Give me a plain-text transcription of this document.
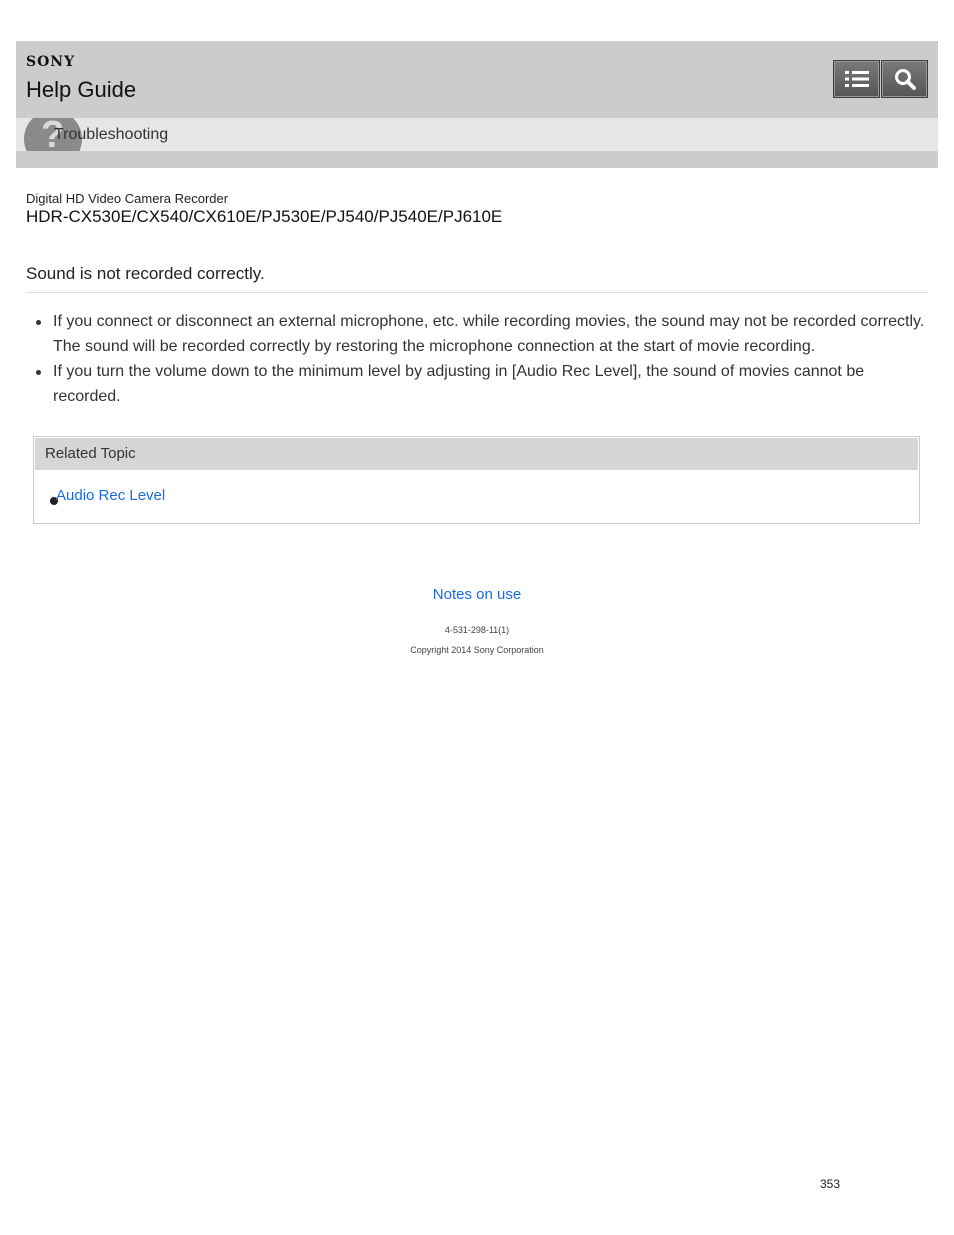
SONY
Help Guide
?
Troubleshooting
Digital HD Video Camera Recorder
HDR-CX530E/CX540/CX610E/PJ530E/PJ540/PJ540E/PJ610E
Sound is not recorded correctly.
If you connect or disconnect an external microphone, etc. while recording movies, the sound may not be recorded correctly. The sound will be recorded correctly by restoring the microphone connection at the start of movie recording.
If you turn the volume down to the minimum level by adjusting in [Audio Rec Level], the sound of movies cannot be recorded.
Related Topic
Audio Rec Level
Notes on use
4-531-298-11(1)
Copyright 2014 Sony Corporation
353
